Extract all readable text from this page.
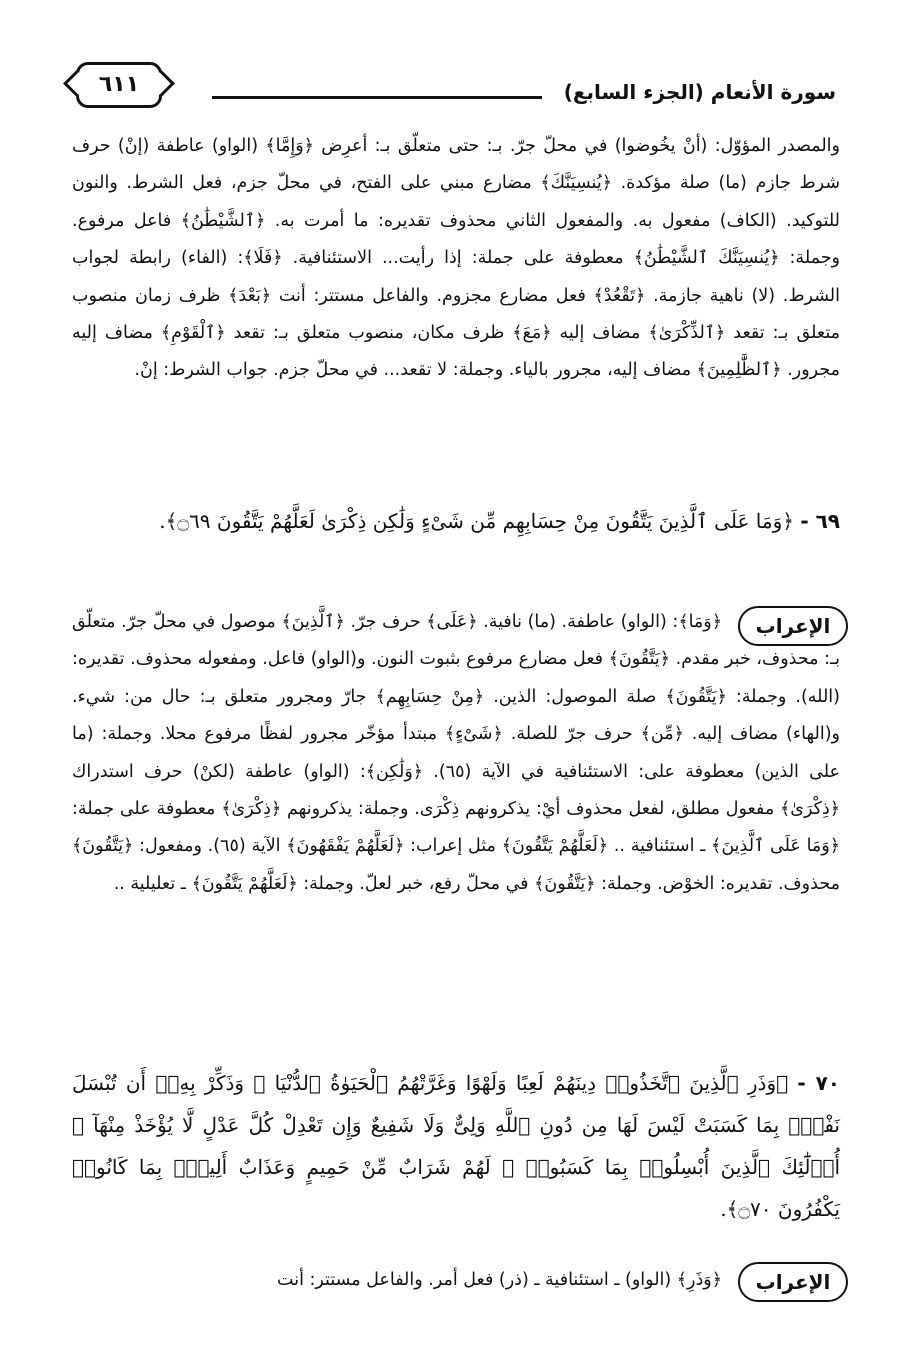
سورة الأنعام (الجزء السابع)
٦١١

والمصدر المؤوّل: (أنْ يخُوضوا) في محلّ جرّ. بـ: حتى متعلّق بـ: أعرِض ﴿وَإِمَّا﴾ (الواو) عاطفة (إنْ) حرف شرط جازم (ما) صلة مؤكدة. ﴿يُنسِيَنَّكَ﴾ مضارع مبني على الفتح، في محلّ جزم، فعل الشرط. والنون للتوكيد. (الكاف) مفعول به. والمفعول الثاني محذوف تقديره: ما أمرت به. ﴿ٱلشَّيْطَٰنُ﴾ فاعل مرفوع. وجملة: ﴿يُنسِيَنَّكَ ٱلشَّيْطَٰنُ﴾ معطوفة على جملة: إذا رأيت... الاستئنافية. ﴿فَلَا﴾: (الفاء) رابطة لجواب الشرط. (لا) ناهية جازمة. ﴿تَقْعُدْ﴾ فعل مضارع مجزوم. والفاعل مستتر: أنت ﴿بَعْدَ﴾ ظرف زمان منصوب متعلق بـ: تقعد ﴿ٱلذِّكْرَىٰ﴾ مضاف إليه ﴿مَعَ﴾ ظرف مكان، منصوب متعلق بـ: تقعد ﴿ٱلْقَوْمِ﴾ مضاف إليه مجرور. ﴿ٱلظَّٰلِمِينَ﴾ مضاف إليه، مجرور بالياء. وجملة: لا تقعد... في محلّ جزم. جواب الشرط: إنْ.

٦٩ - ﴿وَمَا عَلَى ٱلَّذِينَ يَتَّقُونَ مِنْ حِسَابِهِم مِّن شَىْءٍ وَلَٰكِن ذِكْرَىٰ لَعَلَّهُمْ يَتَّقُونَ ۝٦٩﴾.

الإعراب

﴿وَمَا﴾: (الواو) عاطفة. (ما) نافية. ﴿عَلَى﴾ حرف جرّ. ﴿ٱلَّذِينَ﴾ موصول في محلّ جرّ. متعلّق بـ: محذوف، خبر مقدم. ﴿يَتَّقُونَ﴾ فعل مضارع مرفوع بثبوت النون. و(الواو) فاعل. ومفعوله محذوف. تقديره: (الله). وجملة: ﴿يَتَّقُونَ﴾ صلة الموصول: الذين. ﴿مِنْ حِسَابِهِم﴾ جارّ ومجرور متعلق بـ: حال من: شيء. و(الهاء) مضاف إليه. ﴿مِّن﴾ حرف جرّ للصلة. ﴿شَىْءٍ﴾ مبتدأ مؤخّر مجرور لفظًا مرفوع محلا. وجملة: (ما على الذين) معطوفة على: الاستئنافية في الآية (٦٥). ﴿وَلَٰكِن﴾: (الواو) عاطفة (لكنْ) حرف استدراك ﴿ذِكْرَىٰ﴾ مفعول مطلق، لفعل محذوف أيْ: يذكرونهم ذِكْرَى. وجملة: يذكرونهم ﴿ذِكْرَىٰ﴾ معطوفة على جملة: ﴿وَمَا عَلَى ٱلَّذِينَ﴾ ـ استئنافية .. ﴿لَعَلَّهُمْ يَتَّقُونَ﴾ مثل إعراب: ﴿لَعَلَّهُمْ يَفْقَهُونَ﴾ الآية (٦٥). ومفعول: ﴿يَتَّقُونَ﴾ محذوف. تقديره: الخوْض. وجملة: ﴿يَتَّقُونَ﴾ في محلّ رفع، خبر لعلّ. وجملة: ﴿لَعَلَّهُمْ يَتَّقُونَ﴾ ـ تعليلية ..

٧٠ - ﴿وَذَرِ ٱلَّذِينَ ٱتَّخَذُوا۟ دِينَهُمْ لَعِبًا وَلَهْوًا وَغَرَّتْهُمُ ٱلْحَيَوٰةُ ٱلدُّنْيَا ۚ وَذَكِّرْ بِهِۦٓ أَن تُبْسَلَ نَفْسٌۢ بِمَا كَسَبَتْ لَيْسَ لَهَا مِن دُونِ ٱللَّهِ وَلِىٌّ وَلَا شَفِيعٌ وَإِن تَعْدِلْ كُلَّ عَدْلٍ لَّا يُؤْخَذْ مِنْهَآ ۗ أُو۟لَٰٓئِكَ ٱلَّذِينَ أُبْسِلُوا۟ بِمَا كَسَبُوا۟ ۖ لَهُمْ شَرَابٌ مِّنْ حَمِيمٍ وَعَذَابٌ أَلِيمٌۢ بِمَا كَانُوا۟ يَكْفُرُونَ ۝٧٠﴾.

الإعراب

﴿وَذَرِ﴾ (الواو) ـ استئنافية ـ (ذر) فعل أمر. والفاعل مستتر: أنت
